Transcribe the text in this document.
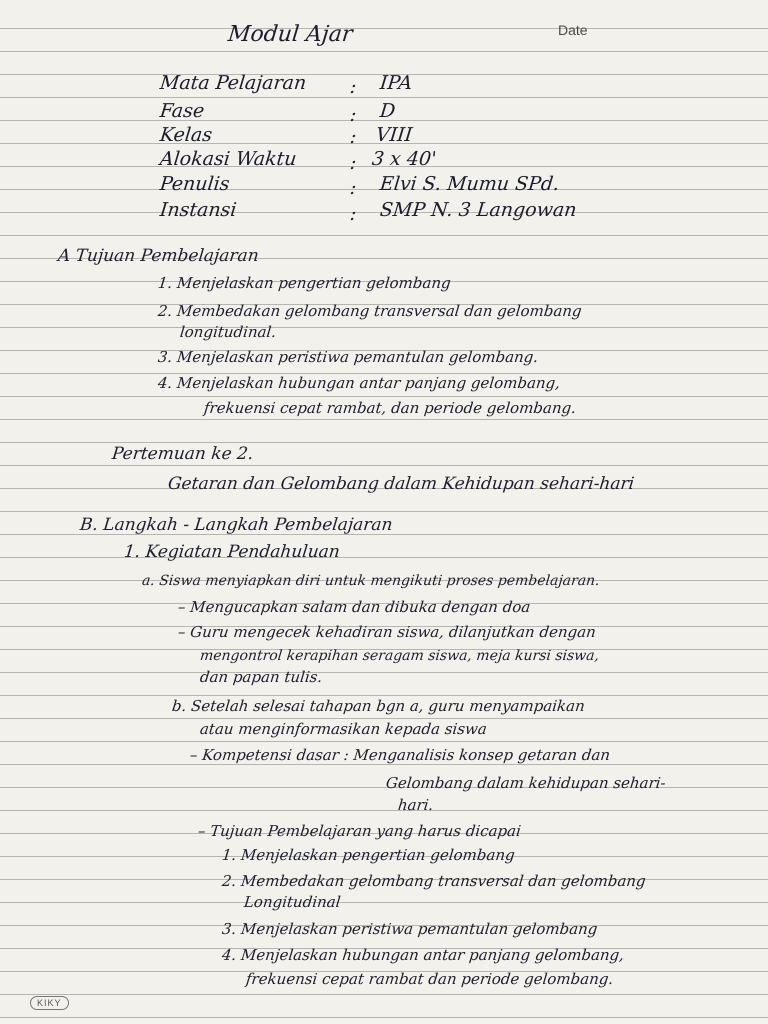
Modul Ajar	Date
Mata Pelajaran : IPA
Fase	: D
Kelas	: VIII
Alokasi Waktu	: 3 x 40'
Penulis	: Elvi S. Mumu SPd.
Instansi	: SMP N. 3 Langowan
A Tujuan Pembelajaran
1. Menjelaskan pengertian gelombang
2. Membedakan gelombang transversal dan gelombang
longitudinal.
3. Menjelaskan peristiwa pemantulan gelombang.
4. Menjelaskan hubungan antar panjang gelombang,
frekuensi cepat rambat, dan periode gelombang.
Pertemuan ke 2.
Getaran dan Gelombang dalam Kehidupan sehari-hari
B. Langkah - Langkah Pembelajaran
1. Kegiatan Pendahuluan
a. Siswa menyiapkan diri untuk mengikuti proses pembelajaran.
– Mengucapkan salam dan dibuka dengan doa
– Guru mengecek kehadiran siswa, dilanjutkan dengan
mengontrol kerapihan seragam siswa, meja kursi siswa,
dan papan tulis.
b. Setelah selesai tahapan bgn a, guru menyampaikan
atau menginformasikan kepada siswa
– Kompetensi dasar : Menganalisis konsep getaran dan
Gelombang dalam kehidupan sehari-
hari.
– Tujuan Pembelajaran yang harus dicapai
1. Menjelaskan pengertian gelombang
2. Membedakan gelombang transversal dan gelombang
Longitudinal
3. Menjelaskan peristiwa pemantulan gelombang
4. Menjelaskan hubungan antar panjang gelombang,
frekuensi cepat rambat dan periode gelombang.
KIKY
